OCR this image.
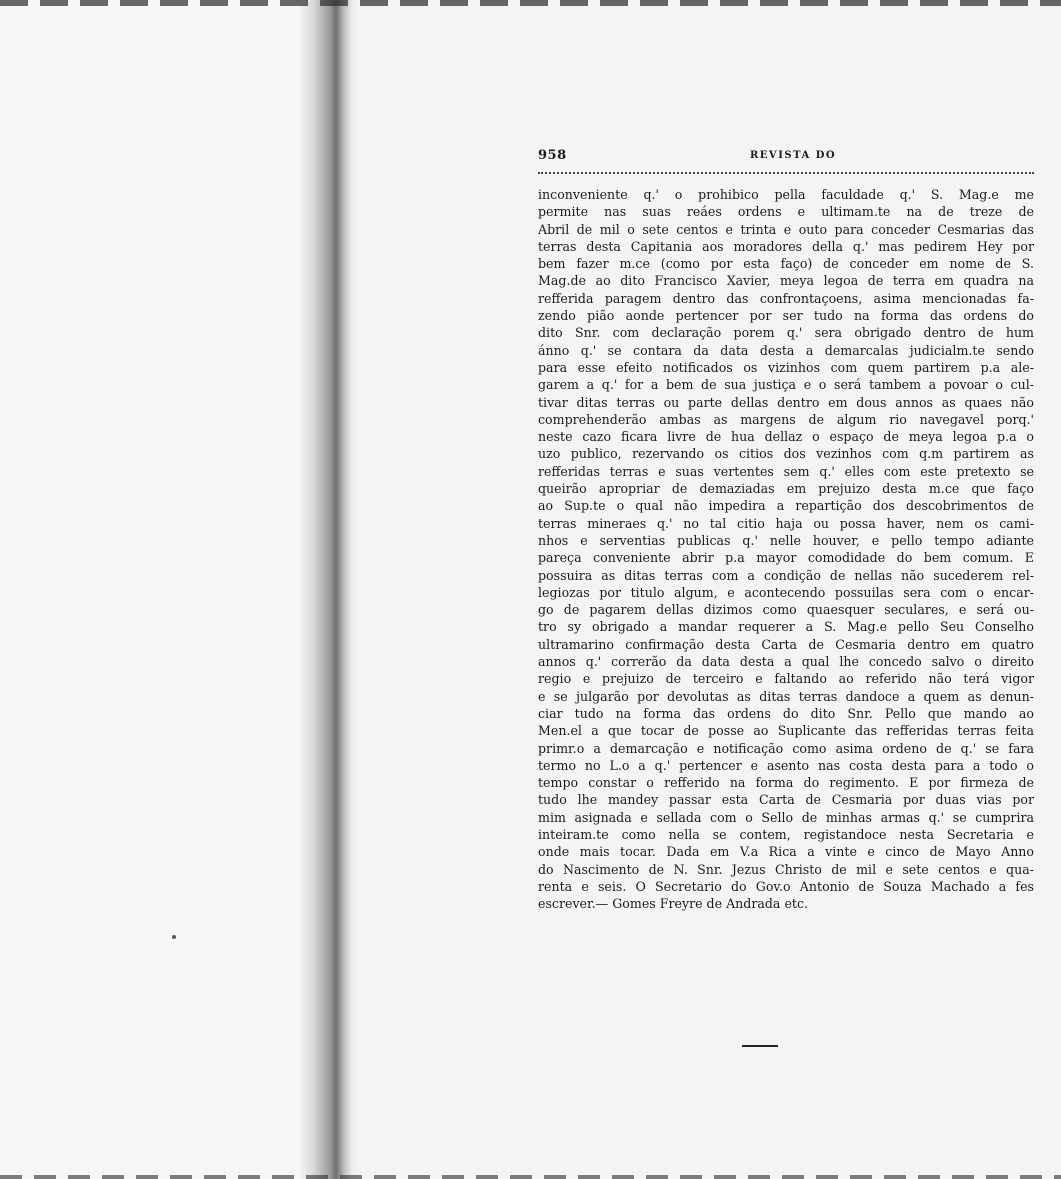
958	REVISTA DO
inconveniente q.' o prohibico pella faculdade q.' S. Mag.e me
permite nas suas reáes ordens e ultimam.te na de treze de
Abril de mil o sete centos e trinta e outo para conceder Cesmarias das
terras desta Capitania aos moradores della q.' mas pedirem Hey por
bem fazer m.ce (como por esta faço) de conceder em nome de S.
Mag.de ao dito Francisco Xavier, meya legoa de terra em quadra na
refferida paragem dentro das confrontaçoens, asima mencionadas fa-
zendo pião aonde pertencer por ser tudo na forma das ordens do
dito Snr. com declaração porem q.' sera obrigado dentro de hum
ánno q.' se contara da data desta a demarcalas judicialm.te sendo
para esse efeito notificados os vizinhos com quem partirem p.a ale-
garem a q.' for a bem de sua justiça e o será tambem a povoar o cul-
tivar ditas terras ou parte dellas dentro em dous annos as quaes não
comprehenderão ambas as margens de algum rio navegavel porq.'
neste cazo ficara livre de hua dellaz o espaço de meya legoa p.a o
uzo publico, rezervando os citios dos vezinhos com q.m partirem as
refferidas terras e suas vertentes sem q.' elles com este pretexto se
queirão apropriar de demaziadas em prejuizo desta m.ce que faço
ao Sup.te o qual não impedira a repartição dos descobrimentos de
terras mineraes q.' no tal citio haja ou possa haver, nem os cami-
nhos e serventias publicas q.' nelle houver, e pello tempo adiante
pareça conveniente abrir p.a mayor comodidade do bem comum. E
possuira as ditas terras com a condição de nellas não sucederem rel-
legiozas por titulo algum, e acontecendo possuilas sera com o encar-
go de pagarem dellas dizimos como quaesquer seculares, e será ou-
tro sy obrigado a mandar requerer a S. Mag.e pello Seu Conselho
ultramarino confirmação desta Carta de Cesmaria dentro em quatro
annos q.' correrão da data desta a qual lhe concedo salvo o direito
regio e prejuizo de terceiro e faltando ao referido não terá vigor
e se julgarão por devolutas as ditas terras dandoce a quem as denun-
ciar tudo na forma das ordens do dito Snr. Pello que mando ao
Men.el a que tocar de posse ao Suplicante das refferidas terras feita
primr.o a demarcação e notificação como asima ordeno de q.' se fara
termo no L.o a q.' pertencer e asento nas costa desta para a todo o
tempo constar o refferido na forma do regimento. E por firmeza de
tudo lhe mandey passar esta Carta de Cesmaria por duas vias por
mim asignada e sellada com o Sello de minhas armas q.' se cumprira
inteiram.te como nella se contem, registandoce nesta Secretaria e
onde mais tocar. Dada em V.a Rica a vinte e cinco de Mayo Anno
do Nascimento de N. Snr. Jezus Christo de mil e sete centos e qua-
renta e seis. O Secretario do Gov.o Antonio de Souza Machado a fes
escrever.— Gomes Freyre de Andrada etc.
